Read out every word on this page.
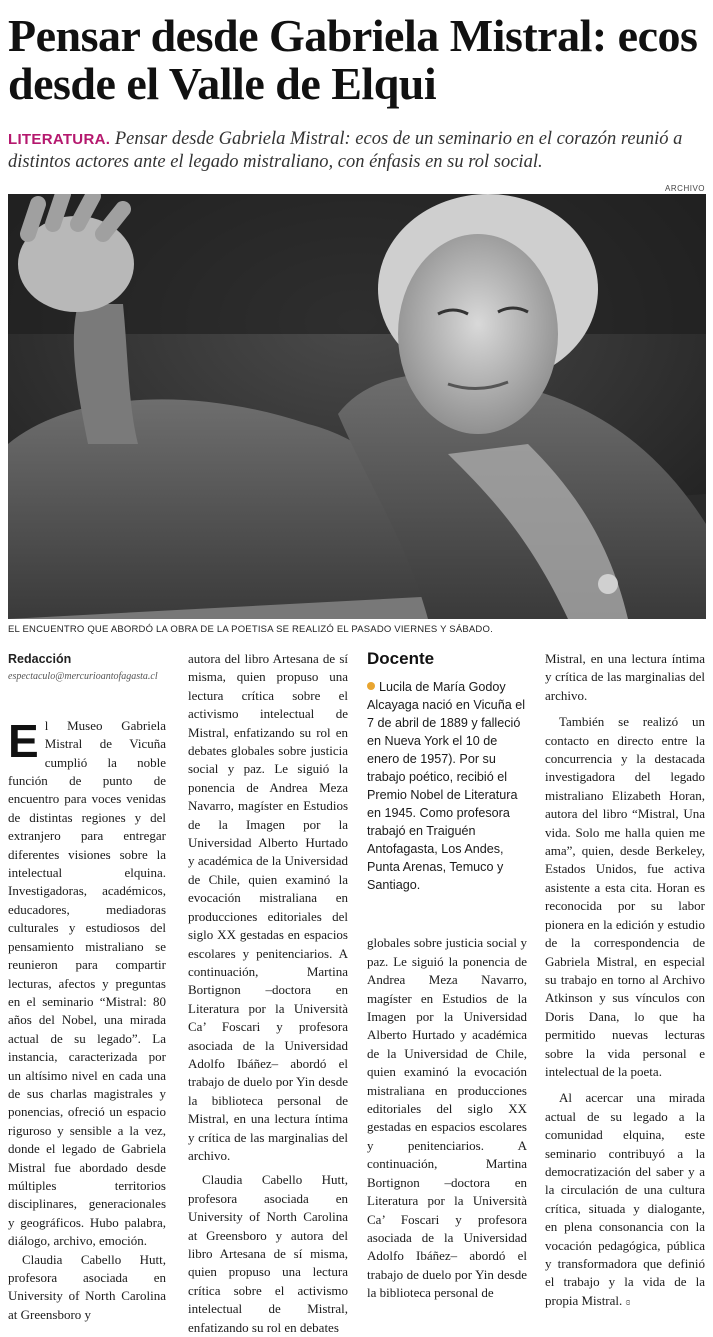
Pensar desde Gabriela Mistral: ecos desde el Valle de Elqui
LITERATURA. Pensar desde Gabriela Mistral: ecos de un seminario en el corazón reunió a distintos actores ante el legado mistraliano, con énfasis en su rol social.
ARCHIVO
EL ENCUENTRO QUE ABORDÓ LA OBRA DE LA POETISA SE REALIZÓ EL PASADO VIERNES Y SÁBADO.
Redacción
espectaculo@mercurioantofagasta.cl

El Museo Gabriela Mistral de Vicuña cumplió la noble función de punto de encuentro para voces venidas de distintas regiones y del extranjero para entregar diferentes visiones sobre la intelectual elquina. Investigadoras, académicos, educadores, mediadoras culturales y estudiosos del pensamiento mistraliano se reunieron para compartir lecturas, afectos y preguntas en el seminario “Mistral: 80 años del Nobel, una mirada actual de su legado”. La instancia, caracterizada por un altísimo nivel en cada una de sus charlas magistrales y ponencias, ofreció un espacio riguroso y sensible a la vez, donde el legado de Gabriela Mistral fue abordado desde múltiples territorios disciplinares, generacionales y geográficos. Hubo palabra, diálogo, archivo, emoción.

Claudia Cabello Hutt, profesora asociada en University of North Carolina at Greensboro y

autora del libro Artesana de sí misma, quien propuso una lectura crítica sobre el activismo intelectual de Mistral, enfatizando su rol en debates globales sobre justicia social y paz. Le siguió la ponencia de Andrea Meza Navarro, magíster en Estudios de la Imagen por la Universidad Alberto Hurtado y académica de la Universidad de Chile, quien examinó la evocación mistraliana en producciones editoriales del siglo XX gestadas en espacios escolares y penitenciarios. A continuación, Martina Bortignon –doctora en Literatura por la Università Ca’ Foscari y profesora asociada de la Universidad Adolfo Ibáñez– abordó el trabajo de duelo por Yin desde la biblioteca personal de Mistral, en una lectura íntima y crítica de las marginalias del archivo.

Claudia Cabello Hutt, profesora asociada en University of North Carolina at Greensboro y autora del libro Artesana de sí misma, quien propuso una lectura crítica sobre el activismo intelectual de Mistral, enfatizando su rol en debates

Docente
Lucila de María Godoy Alcayaga nació en Vicuña el 7 de abril de 1889 y falleció en Nueva York el 10 de enero de 1957). Por su trabajo poético, recibió el Premio Nobel de Literatura en 1945. Como profesora trabajó en Traiguén Antofagasta, Los Andes, Punta Arenas, Temuco y Santiago.

globales sobre justicia social y paz. Le siguió la ponencia de Andrea Meza Navarro, magíster en Estudios de la Imagen por la Universidad Alberto Hurtado y académica de la Universidad de Chile, quien examinó la evocación mistraliana en producciones editoriales del siglo XX gestadas en espacios escolares y penitenciarios. A continuación, Martina Bortignon –doctora en Literatura por la Università Ca’ Foscari y profesora asociada de la Universidad Adolfo Ibáñez– abordó el trabajo de duelo por Yin desde la biblioteca personal de

Mistral, en una lectura íntima y crítica de las marginalias del archivo.

También se realizó un contacto en directo entre la concurrencia y la destacada investigadora del legado mistraliano Elizabeth Horan, autora del libro “Mistral, Una vida. Solo me halla quien me ama”, quien, desde Berkeley, Estados Unidos, fue activa asistente a esta cita. Horan es reconocida por su labor pionera en la edición y estudio de la correspondencia de Gabriela Mistral, en especial su trabajo en torno al Archivo Atkinson y sus vínculos con Doris Dana, lo que ha permitido nuevas lecturas sobre la vida personal e intelectual de la poeta.

Al acercar una mirada actual de su legado a la comunidad elquina, este seminario contribuyó a la democratización del saber y a la circulación de una cultura crítica, situada y dialogante, en plena consonancia con la vocación pedagógica, pública y transformadora que definió el trabajo y la vida de la propia Mistral. ɞ
